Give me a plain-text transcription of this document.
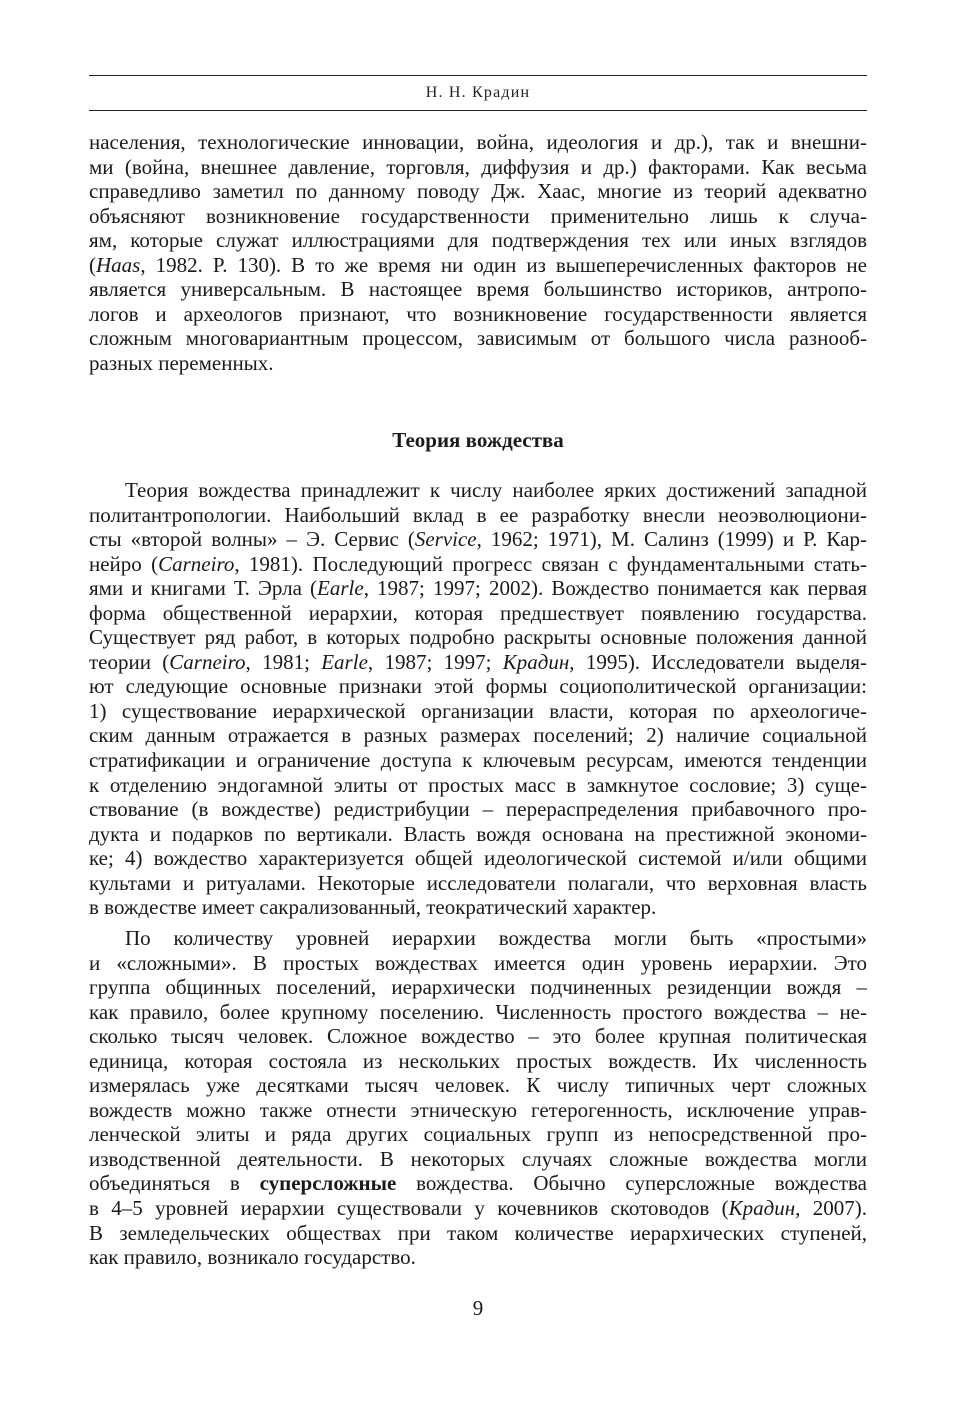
Н. Н. Крадин

населения, технологические инновации, война, идеология и др.), так и внешни-
ми (война, внешнее давление, торговля, диффузия и др.) факторами. Как весьма
справедливо заметил по данному поводу Дж. Хаас, многие из теорий адекватно
объясняют возникновение государственности применительно лишь к случа-
ям, которые служат иллюстрациями для подтверждения тех или иных взглядов
(Haas, 1982. P. 130). В то же время ни один из вышеперечисленных факторов не
является универсальным. В настоящее время большинство историков, антропо-
логов и археологов признают, что возникновение государственности является
сложным многовариантным процессом, зависимым от большого числа разнооб-
разных переменных.

Теория вождества

Теория вождества принадлежит к числу наиболее ярких достижений западной
политантропологии. Наибольший вклад в ее разработку внесли неоэволюциони-
сты «второй волны» – Э. Сервис (Service, 1962; 1971), М. Салинз (1999) и Р. Кар-
нейро (Carneiro, 1981). Последующий прогресс связан с фундаментальными стать-
ями и книгами Т. Эрла (Earle, 1987; 1997; 2002). Вождество понимается как первая
форма общественной иерархии, которая предшествует появлению государства.
Существует ряд работ, в которых подробно раскрыты основные положения данной
теории (Carneiro, 1981; Earle, 1987; 1997; Крадин, 1995). Исследователи выделя-
ют следующие основные признаки этой формы социополитической организации:
1) существование иерархической организации власти, которая по археологиче-
ским данным отражается в разных размерах поселений; 2) наличие социальной
стратификации и ограничение доступа к ключевым ресурсам, имеются тенденции
к отделению эндогамной элиты от простых масс в замкнутое сословие; 3) суще-
ствование (в вождестве) редистрибуции – перераспределения прибавочного про-
дукта и подарков по вертикали. Власть вождя основана на престижной экономи-
ке; 4) вождество характеризуется общей идеологической системой и/или общими
культами и ритуалами. Некоторые исследователи полагали, что верховная власть
в вождестве имеет сакрализованный, теократический характер.

По количеству уровней иерархии вождества могли быть «простыми»
и «сложными». В простых вождествах имеется один уровень иерархии. Это
группа общинных поселений, иерархически подчиненных резиденции вождя –
как правило, более крупному поселению. Численность простого вождества – не-
сколько тысяч человек. Сложное вождество – это более крупная политическая
единица, которая состояла из нескольких простых вождеств. Их численность
измерялась уже десятками тысяч человек. К числу типичных черт сложных
вождеств можно также отнести этническую гетерогенность, исключение управ-
ленческой элиты и ряда других социальных групп из непосредственной про-
изводственной деятельности. В некоторых случаях сложные вождества могли
объединяться в суперсложные вождества. Обычно суперсложные вождества
в 4–5 уровней иерархии существовали у кочевников скотоводов (Крадин, 2007).
В земледельческих обществах при таком количестве иерархических ступеней,
как правило, возникало государство.

9
